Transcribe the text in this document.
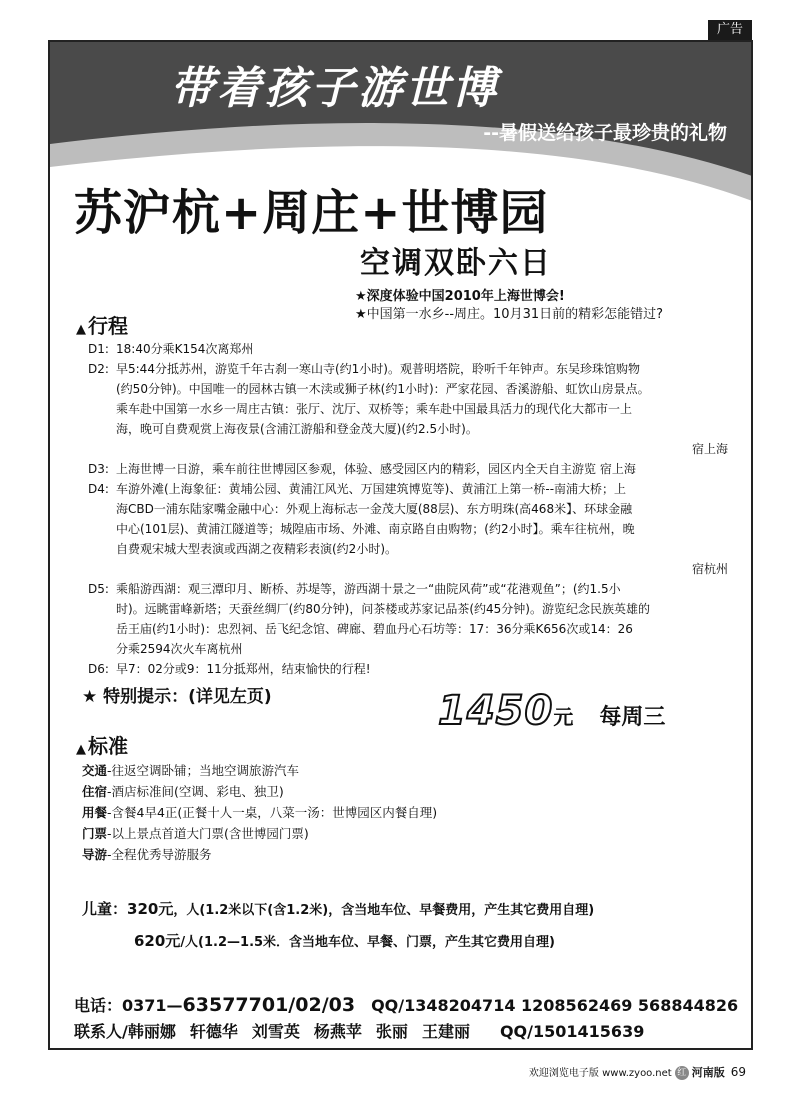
广告
带着孩子游世博

--暑假送给孩子最珍贵的礼物

苏沪杭+周庄+世博园
空调双卧六日
★深度体验中国2010年上海世博会!
★中国第一水乡--周庄。10月31日前的精彩怎能错过?
▲ 行程
D1: 18:40分乘K154次离郑州
D2: 早5:44分抵苏州，游览千年古刹一寒山寺(约1小时)。观普明塔院，聆听千年钟声。东吴珍珠馆购物
(约50分钟)。中国唯一的园林古镇一木渎或狮子林(约1小时)：严家花园、香溪游船、虹饮山房景点。
乘车赴中国第一水乡一周庄古镇：张厅、沈厅、双桥等；乘车赴中国最具活力的现代化大都市一上
海，晚可自费观赏上海夜景(含浦江游船和登金茂大厦)(约2.5小时)。
宿上海
D3: 上海世博一日游，乘车前往世博园区参观，体验、感受园区内的精彩，园区内全天自主游览 宿上海
D4: 车游外滩(上海象征：黄埔公园、黄浦江风光、万国建筑博览等)、黄浦江上第一桥--南浦大桥；上
海CBD一浦东陆家嘴金融中心：外观上海标志一金茂大厦(88层)、东方明珠(高468米】、环球金融
中心(101层)、黄浦江隧道等；城隍庙市场、外滩、南京路自由购物；(约2小时】。乘车往杭州，晚
自费观宋城大型表演或西湖之夜精彩表演(约2小时)。
宿杭州
D5: 乘船游西湖：观三潭印月、断桥、苏堤等，游西湖十景之一“曲院风荷”或“花港观鱼”；(约1.5小
时)。远眺雷峰新塔；天蚕丝绸厂(约80分钟)，问茶楼或苏家记品茶(约45分钟)。游览纪念民族英雄的
岳王庙(约1小时)：忠烈祠、岳飞纪念馆、碑廊、碧血丹心石坊等：17：36分乘K656次或14：26
分乘2594次火车离杭州
D6: 早7：02分或9：11分抵郑州，结束愉快的行程!

★ 特别提示：(详见左页)	1450元 每周三

▲ 标准
交通-往返空调卧铺；当地空调旅游汽车
住宿-酒店标准间(空调、彩电、独卫)
用餐-含餐4早4正(正餐十人一桌，八菜一汤：世博园区内餐自理)
门票-以上景点首道大门票(含世博园门票)
导游-全程优秀导游服务
儿童：320元，人(1.2米以下(含1.2米)，含当地车位、早餐费用，产生其它费用自理)
620元/人(1.2—1.5米．含当地车位、早餐、门票，产生其它费用自理)
电话：0371—63577701/02/03 QQ/1348204714 1208562469 568844826
联系人/韩丽娜 轩德华 刘雪英 杨燕苹 张丽 王建丽 QQ/1501415639
欢迎浏览电子版 www.zyoo.net 红 河南版 69
